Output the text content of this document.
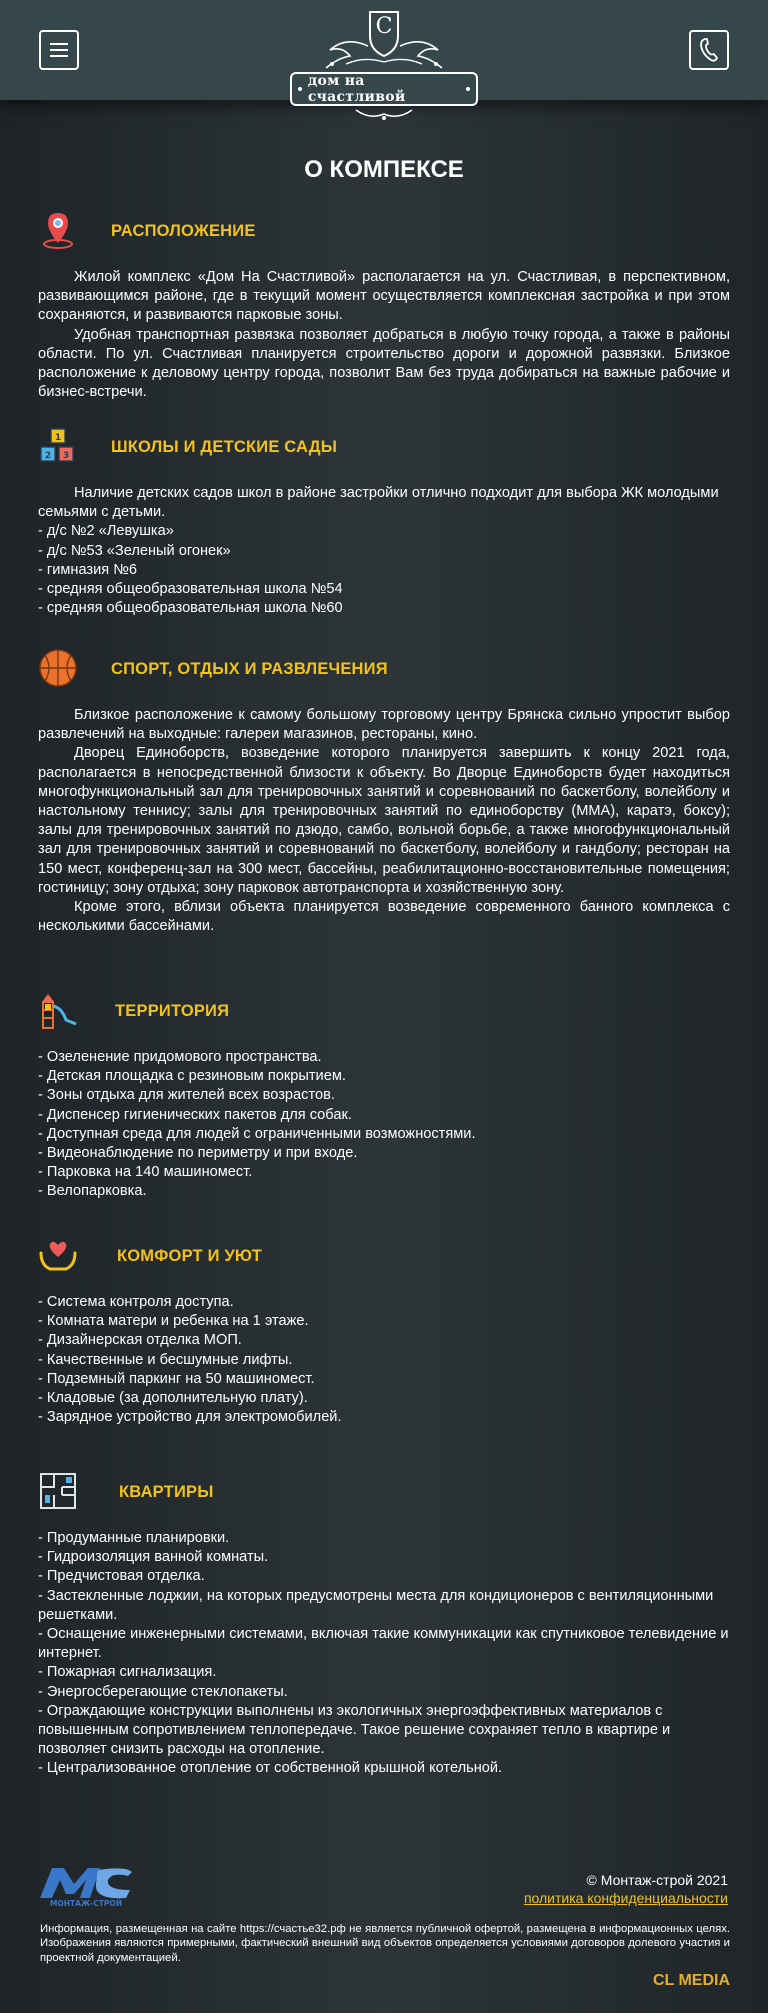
С
дом на счастливой
О КОМПЕКСЕ
РАСПОЛОЖЕНИЕ

Жилой комплекс «Дом На Счастливой» располагается на ул. Счастливая, в перспективном, развивающимся районе, где в текущий момент осуществляется комплексная застройка и при этом сохраняются, и развиваются парковые зоны.

Удобная транспортная развязка позволяет добраться в любую точку города, а также в районы области. По ул. Счастливая планируется строительство дороги и дорожной развязки. Близкое расположение к деловому центру города, позволит Вам без труда добираться на важные рабочие и бизнес-встречи.

1
2 3	ШКОЛЫ И ДЕТСКИЕ САДЫ

Наличие детских садов школ в районе застройки отлично подходит для выбора ЖК молодыми семьями с детьми.

- д/с №2 «Левушка»
- д/с №53 «Зеленый огонек»
- гимназия №6
- средняя общеобразовательная школа №54
- средняя общеобразовательная школа №60
СПОРТ, ОТДЫХ И РАЗВЛЕЧЕНИЯ

Близкое расположение к самому большому торговому центру Брянска сильно упростит выбор развлечений на выходные: галереи магазинов, рестораны, кино.

Дворец Единоборств, возведение которого планируется завершить к концу 2021 года, располагается в непосредственной близости к объекту. Во Дворце Единоборств будет находиться многофункциональный зал для тренировочных занятий и соревнований по баскетболу, волейболу и настольному теннису; залы для тренировочных занятий по единоборству (ММА), каратэ, боксу); залы для тренировочных занятий по дзюдо, самбо, вольной борьбе, а также многофункциональный зал для тренировочных занятий и соревнований по баскетболу, волейболу и гандболу; ресторан на 150 мест, конференц-зал на 300 мест, бассейны, реабилитационно-восстановительные помещения; гостиницу; зону отдыха; зону парковок автотранспорта и хозяйственную зону.

Кроме этого, вблизи объекта планируется возведение современного банного комплекса с несколькими бассейнами.

ТЕРРИТОРИЯ
- Озеленение придомового пространства.
- Детская площадка с резиновым покрытием.
- Зоны отдыха для жителей всех возрастов.
- Диспенсер гигиенических пакетов для собак.
- Доступная среда для людей с ограниченными возможностями.
- Видеонаблюдение по периметру и при входе.
- Парковка на 140 машиномест.
- Велопарковка.
КОМФОРТ И УЮТ
- Система контроля доступа.
- Комната матери и ребенка на 1 этаже.
- Дизайнерская отделка МОП.
- Качественные и бесшумные лифты.
- Подземный паркинг на 50 машиномест.
- Кладовые (за дополнительную плату).
- Зарядное устройство для электромобилей.
КВАРТИРЫ
- Продуманные планировки.
- Гидроизоляция ванной комнаты.
- Предчистовая отделка.
- Застекленные лоджии, на которых предусмотрены места для кондиционеров с вентиляционными решетками.
- Оснащение инженерными системами, включая такие коммуникации как спутниковое телевидение и интернет.
- Пожарная сигнализация.
- Энергосберегающие стеклопакеты.
- Ограждающие конструкции выполнены из экологичных энергоэффективных материалов с повышенным сопротивлением теплопередаче. Такое решение сохраняет тепло в квартире и позволяет снизить расходы на отопление.
- Централизованное отопление от собственной крышной котельной.
МОНТАЖ-СТРОЙ
© Монтаж-строй 2021
политика конфиденциальности

Информация, размещенная на сайте https://счастье32.рф не является публичной офертой, размещена в информационных целях. Изображения являются примерными, фактический внешний вид объектов определяется условиями договоров долевого участия и проектной документацией.

CL MEDIA
